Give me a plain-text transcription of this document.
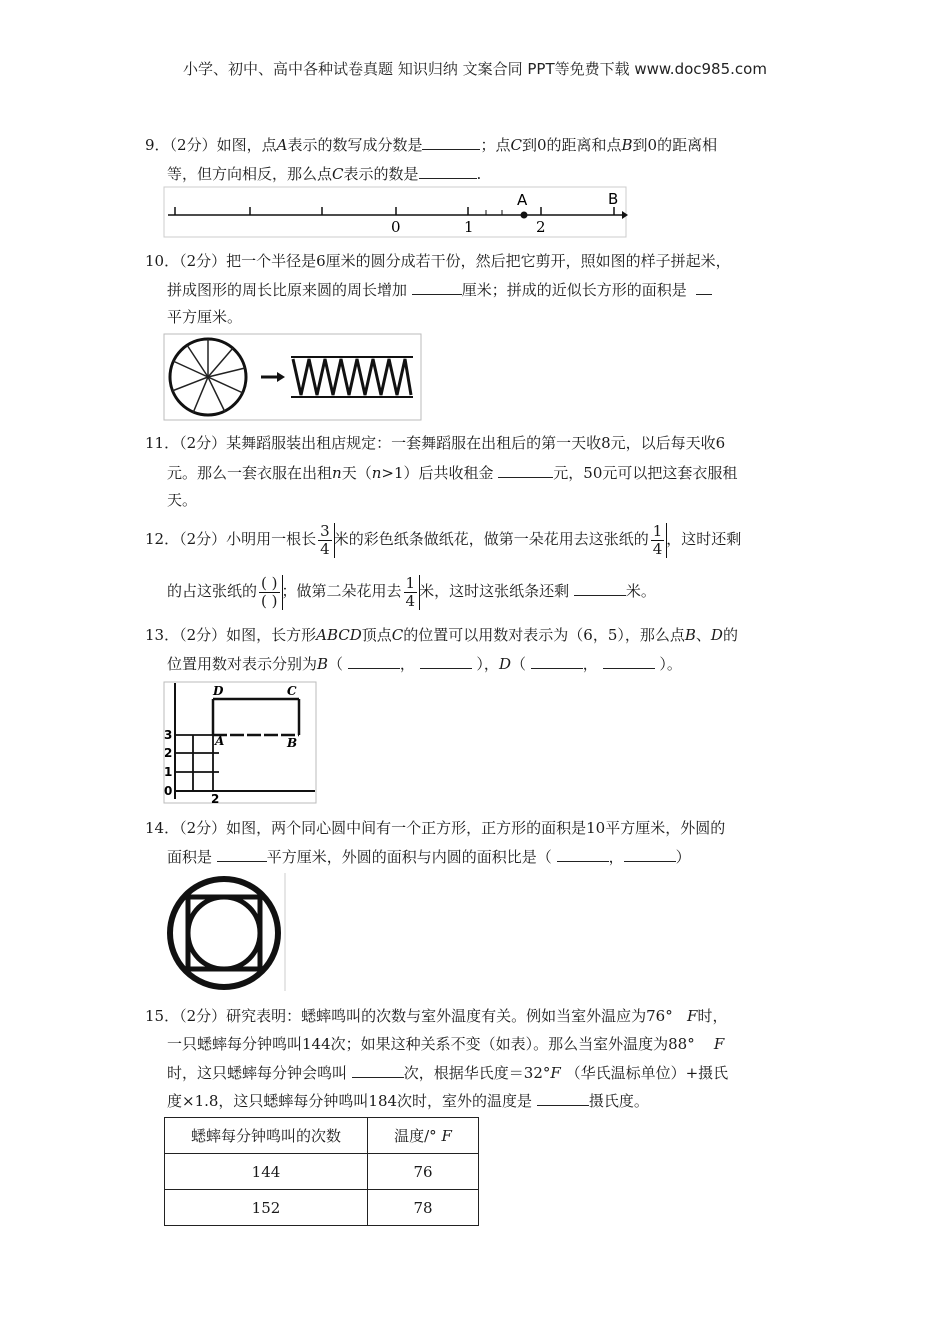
小学、初中、高中各种试卷真题 知识归纳 文案合同 PPT等免费下载 www.doc985.com
9．（2分）如图，点A表示的数写成分数是	；点C到0的距离和点B到0的距离相
等，但方向相反，那么点C表示的数是	.
0	1	2
A	B
10．（2分）把一个半径是6厘米的圆分成若干份，然后把它剪开，照如图的样子拼起米，
拼成图形的周长比原来圆的周长增加	厘米；拼成的近似长方形的面积是
平方厘米。
11．（2分）某舞蹈服装出租店规定：一套舞蹈服在出租后的第一天收8元，以后每天收6
元。那么一套衣服在出租n天（n>1）后共收租金	元，50元可以把这套衣服租
天。
12．（2分）小明用一根长 $\frac{3}{4}$ 米的彩色纸条做纸花，做第一朵花用去这张纸的 $\frac{1}{4}$ ，这时还剩
的占这张纸的 $\frac{( )}{( )}$ ；做第二朵花用去 $\frac{1}{4}$ 米，这时这张纸条还剩	米。
13．（2分）如图，长方形ABCD顶点C的位置可以用数对表示为（6，5），那么点B、D的
位置用数对表示分别为B（	，	），D（	，	）。
3
2
1
0
2
A	B
C
D
14．（2分）如图，两个同心圆中间有一个正方形，正方形的面积是10平方厘米，外圆的
面积是	平方厘米，外圆的面积与内圆的面积比是（	，	）
15．（2分）研究表明：蟋蟀鸣叫的次数与室外温度有关。例如当室外温应为76° F时，
一只蟋蟀每分钟鸣叫144次；如果这种关系不变（如表）。那么当室外温度为88° F
时，这只蟋蟀每分钟会鸣叫	次，根据华氏度＝32°F （华氏温标单位）+摄氏
度×1.8，这只蟋蟀每分钟鸣叫184次时，室外的温度是	摄氏度。
蟋蟀每分钟鸣叫的次数	温度/° F
144	76
152	78
